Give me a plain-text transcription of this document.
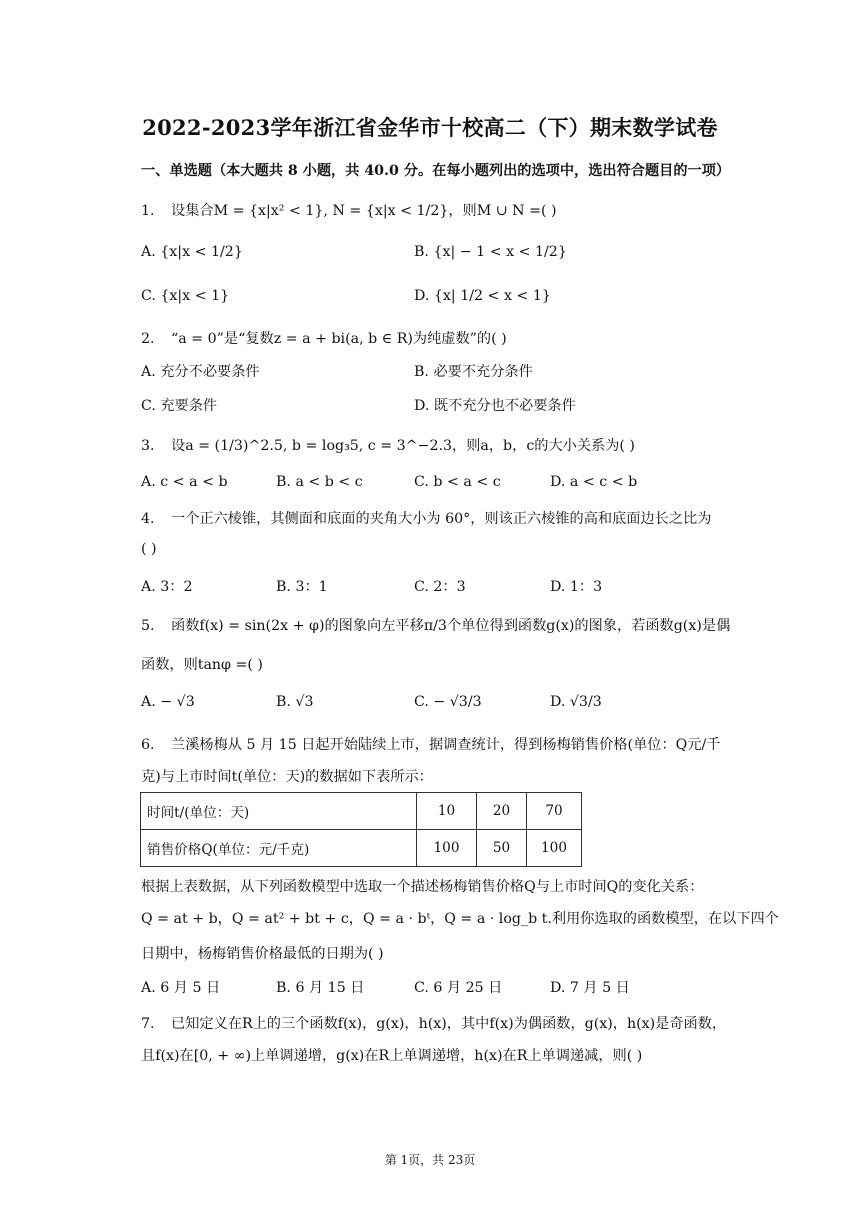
2022-2023学年浙江省金华市十校高二（下）期末数学试卷
一、单选题（本大题共 8 小题，共 40.0 分。在每小题列出的选项中，选出符合题目的一项）
1. 设集合M = {x|x² < 1}, N = {x|x < 1/2}，则M ∪ N =( )
A. {x|x < 1/2}	B. {x| − 1 < x < 1/2}
C. {x|x < 1}	D. {x| 1/2 < x < 1}
2. “a = 0”是“复数z = a + bi(a, b ∈ R)为纯虚数”的( )
A. 充分不必要条件	B. 必要不充分条件
C. 充要条件	D. 既不充分也不必要条件
3. 设a = (1/3)^2.5, b = log₃5, c = 3^−2.3，则a，b，c的大小关系为( )
A. c < a < b	B. a < b < c	C. b < a < c	D. a < c < b
4. 一个正六棱锥，其侧面和底面的夹角大小为 60°，则该正六棱锥的高和底面边长之比为
( )
A. 3：2	B. 3：1	C. 2：3	D. 1：3
5. 函数f(x) = sin(2x + φ)的图象向左平移π/3个单位得到函数g(x)的图象，若函数g(x)是偶
函数，则tanφ =( )
A. − √3	B. √3	C. − √3/3	D. √3/3
6. 兰溪杨梅从 5 月 15 日起开始陆续上市，据调查统计，得到杨梅销售价格(单位：Q元/千
克)与上市时间t(单位：天)的数据如下表所示：
时间t/(单位：天)	10	20	70
销售价格Q(单位：元/千克)	100	50	100
根据上表数据，从下列函数模型中选取一个描述杨梅销售价格Q与上市时间Q的变化关系：
Q = at + b，Q = at² + bt + c，Q = a · bᵗ，Q = a · log_b t.利用你选取的函数模型，在以下四个
日期中，杨梅销售价格最低的日期为( )
A. 6 月 5 日	B. 6 月 15 日	C. 6 月 25 日	D. 7 月 5 日
7. 已知定义在R上的三个函数f(x)，g(x)，h(x)，其中f(x)为偶函数，g(x)，h(x)是奇函数，
且f(x)在[0, + ∞)上单调递增，g(x)在R上单调递增，h(x)在R上单调递减，则( )
第 1页，共 23页
